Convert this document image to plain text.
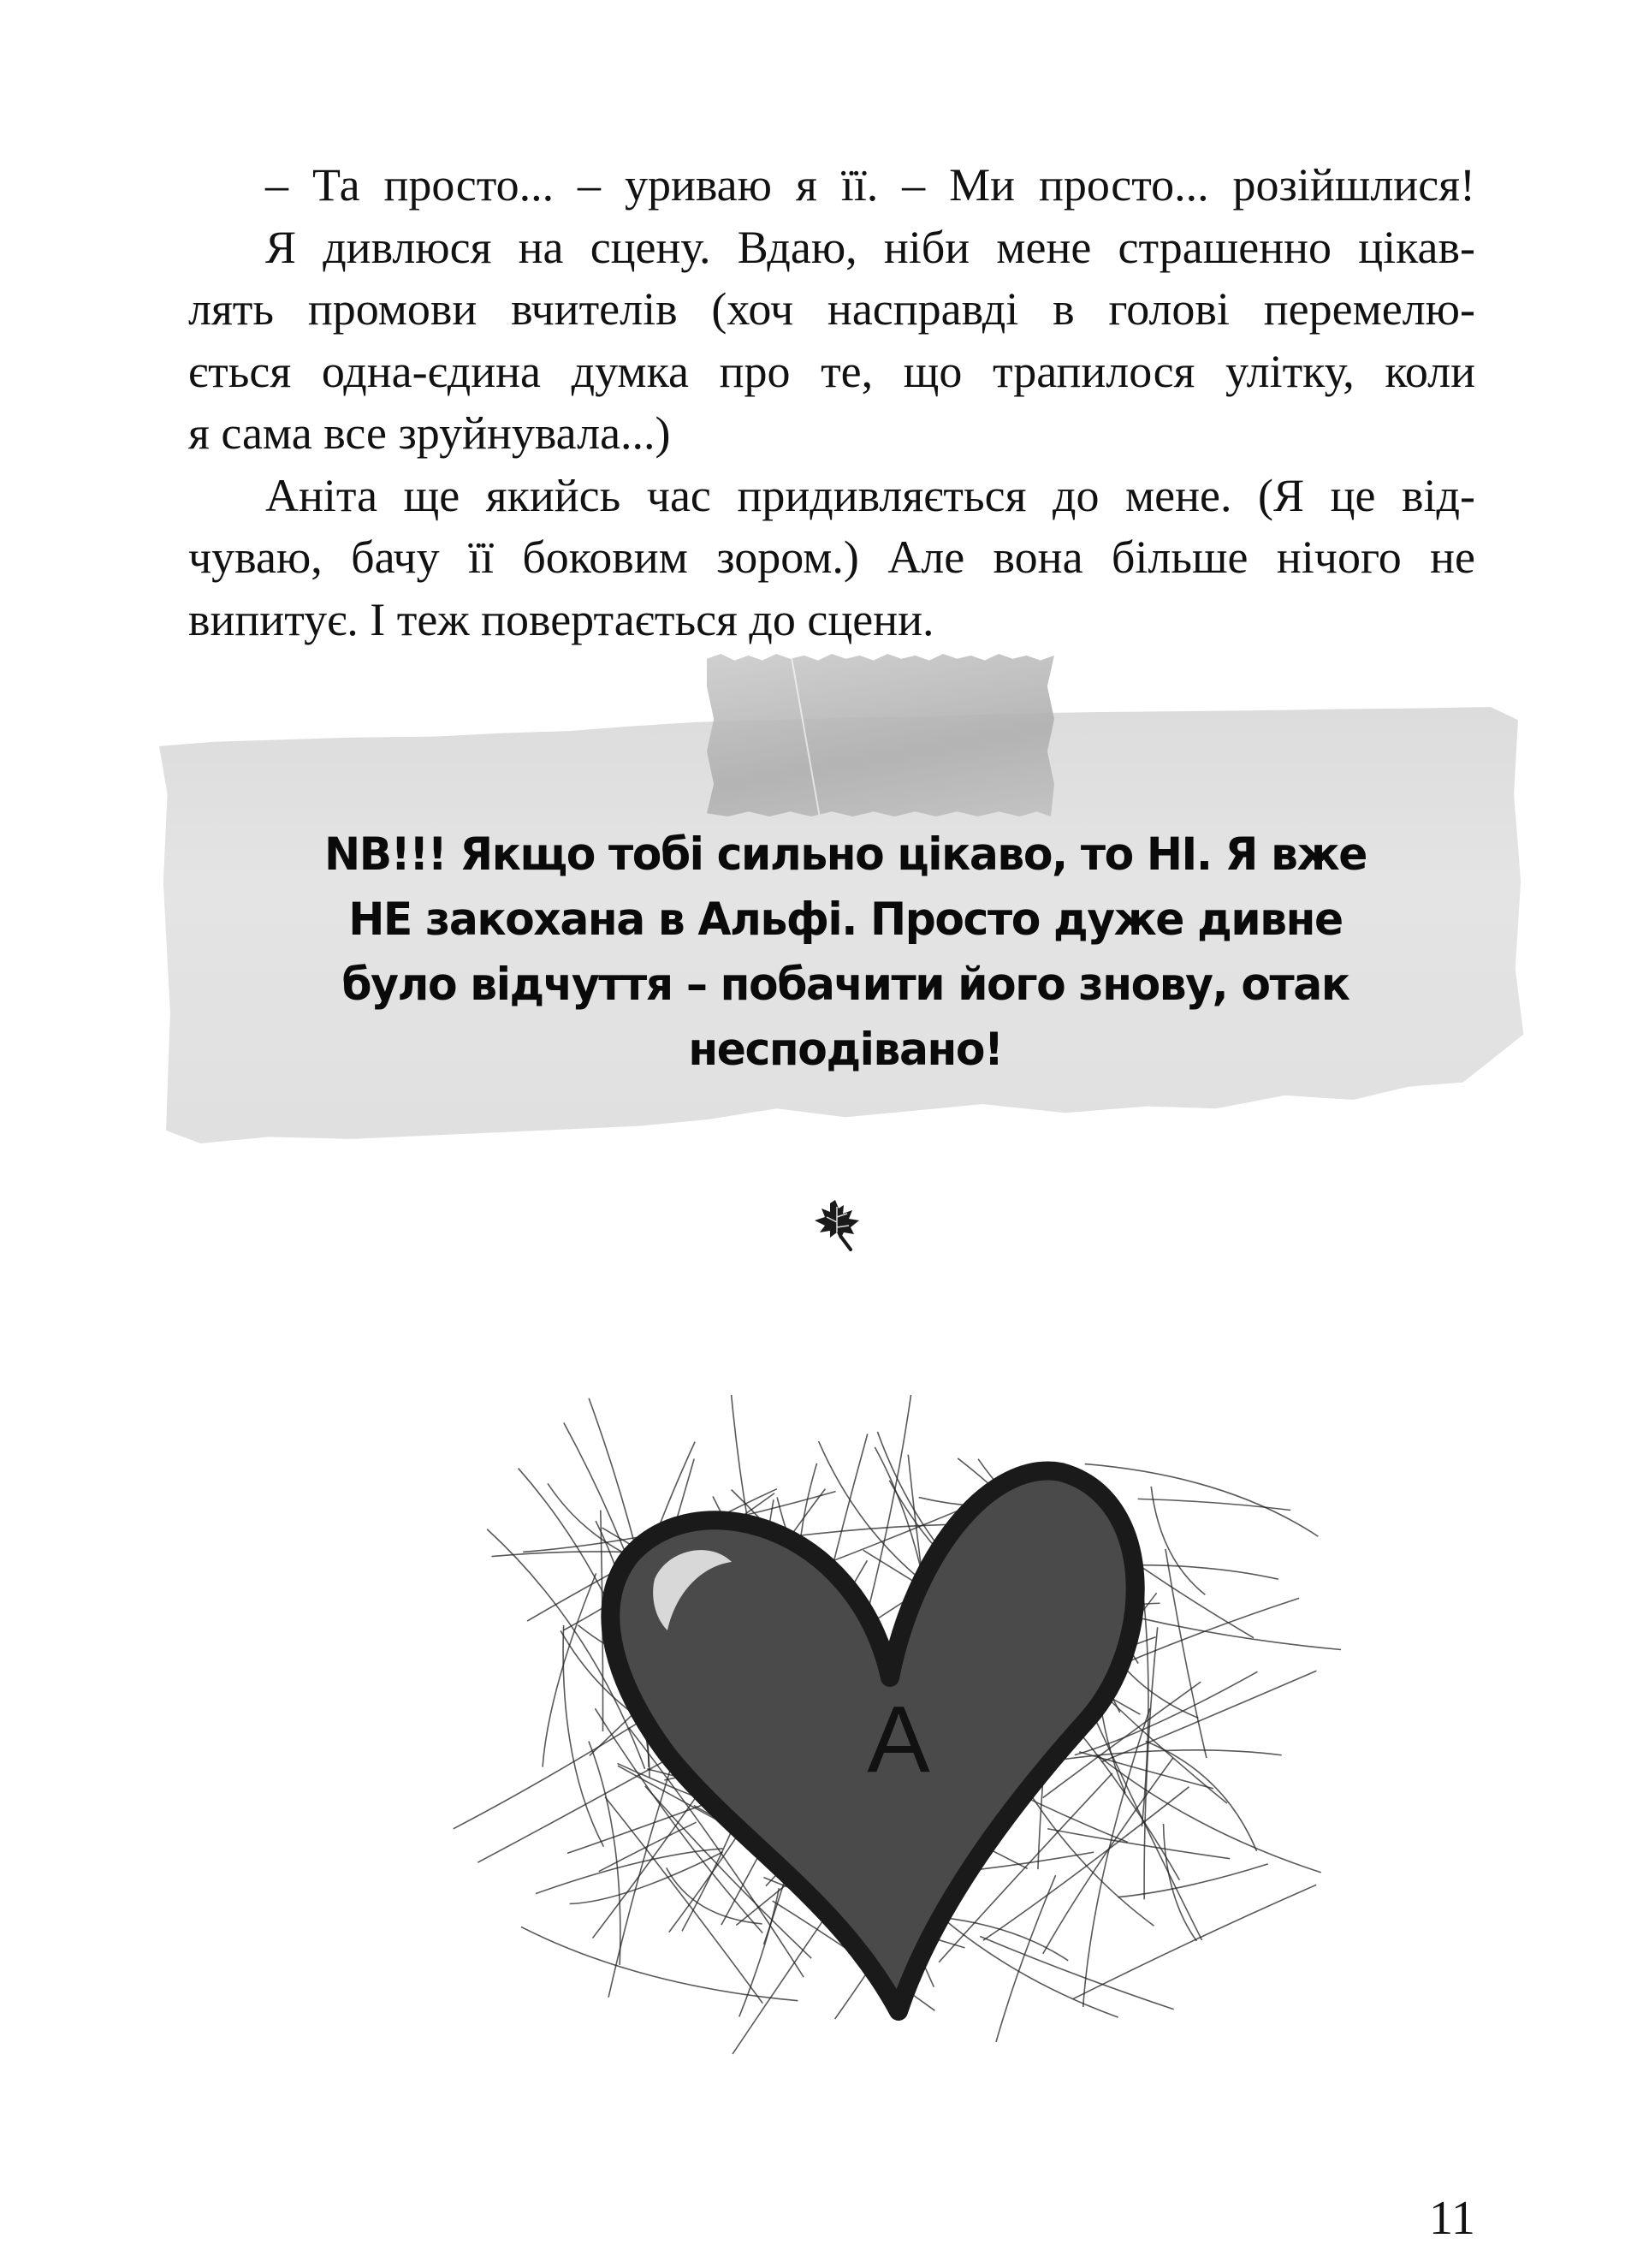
– Та просто... – уриваю я її. – Ми просто... розійшлися!
Я дивлюся на сцену. Вдаю, ніби мене страшенно цікав-
лять промови вчителів (хоч насправді в голові перемелю-
ється одна-єдина думка про те, що трапилося улітку, коли
я сама все зруйнувала...)
Аніта ще якийсь час придивляється до мене. (Я це від-
чуваю, бачу її боковим зором.) Але вона більше нічого не
випитує. І теж повертається до сцени.
NB!!! Якщо тобі сильно цікаво, то НІ. Я вже
НЕ закохана в Альфі. Просто дуже дивне
було відчуття – побачити його знову, отак
несподівано!
А
11
